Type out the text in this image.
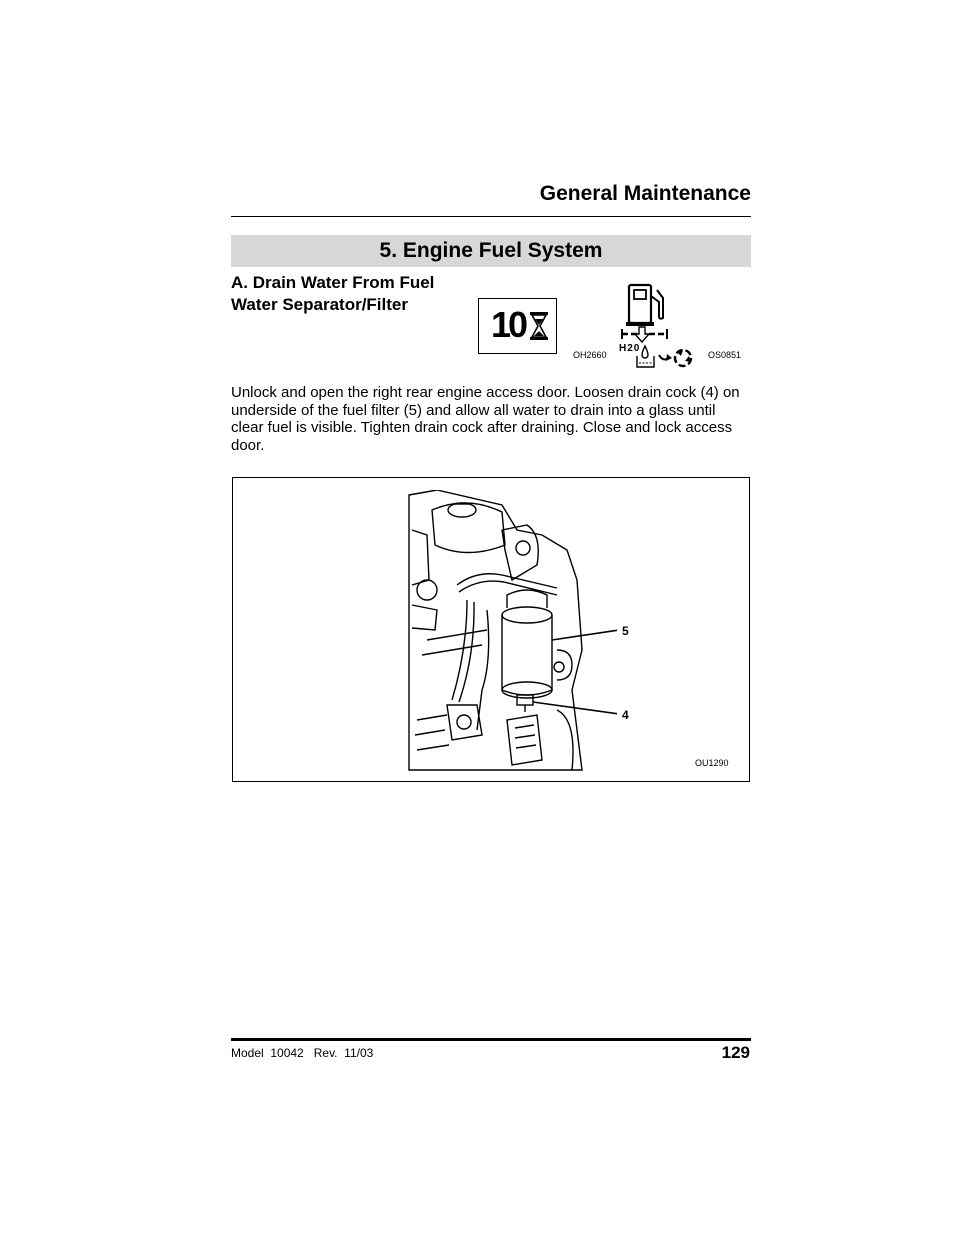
General Maintenance
5. Engine Fuel System
A. Drain Water From Fuel
Water Separator/Filter	10
OH2660
H20
OS0851
Unlock and open the right rear engine access door. Loosen drain cock (4) on underside of the fuel filter (5) and allow all water to drain into a glass until clear fuel is visible. Tighten drain cock after draining. Close and lock access door.
5
4
OU1290
Model  10042   Rev.  11/03	129
